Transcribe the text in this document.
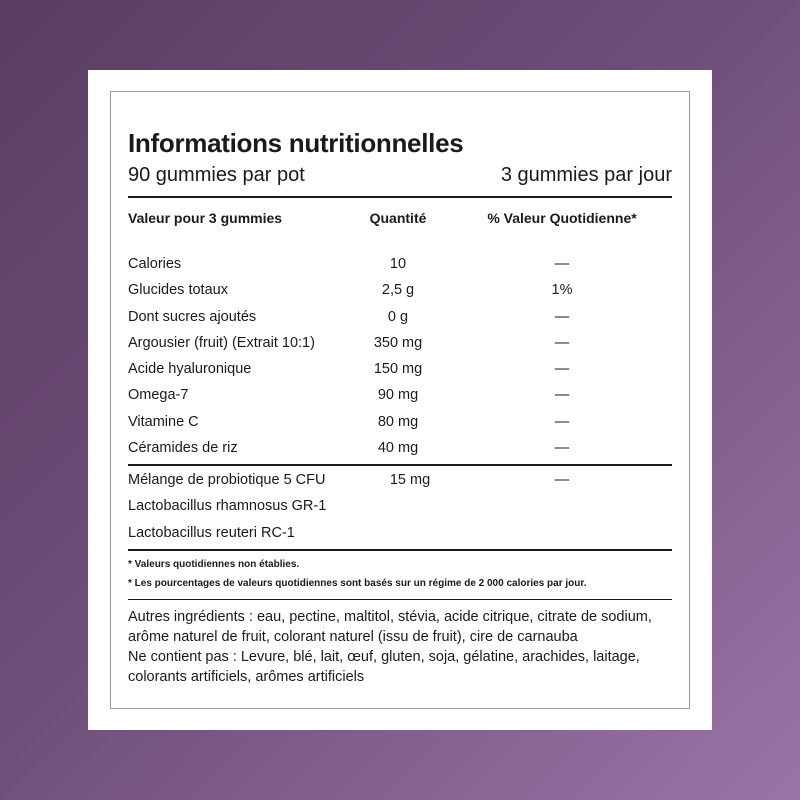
Informations nutritionnelles
90 gummies par pot	3 gummies par jour
Valeur pour 3 gummies	Quantité	% Valeur Quotidienne*
Calories	10	—
Glucides totaux	2,5 g	1%
Dont sucres ajoutés	0 g	—
Argousier (fruit) (Extrait 10:1)	350 mg	—
Acide hyaluronique	150 mg	—
Omega-7	90 mg	—
Vitamine C	80 mg	—
Céramides de riz	40 mg	—
Mélange de probiotique 5 CFU	15 mg	—
Lactobacillus rhamnosus GR-1
Lactobacillus reuteri RC-1
* Valeurs quotidiennes non établies.
* Les pourcentages de valeurs quotidiennes sont basés sur un régime de 2 000 calories par jour.

Autres ingrédients : eau, pectine, maltitol, stévia, acide citrique, citrate de sodium, arôme naturel de fruit, colorant naturel (issu de fruit), cire de carnauba

Ne contient pas : Levure, blé, lait, œuf, gluten, soja, gélatine, arachides, laitage, colorants artificiels, arômes artificiels
